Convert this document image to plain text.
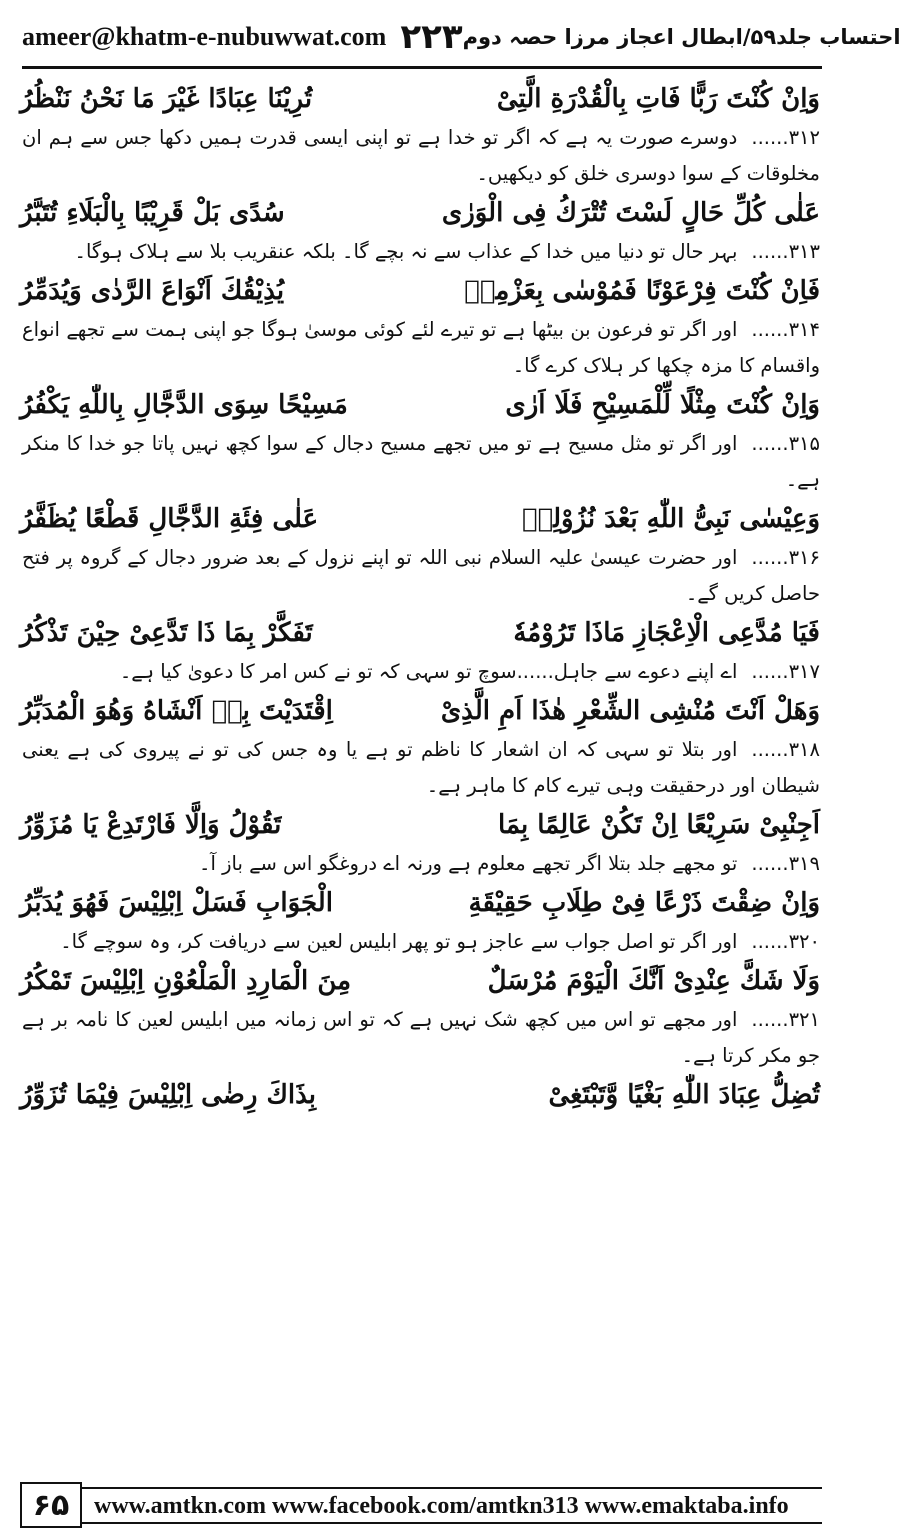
ameer@khatm-e-nubuwwat.com ۲۲۳ احتساب جلد۵۹/ابطال اعجاز مرزا حصہ دوم
وَاِنْ كُنْتَ رَبًّا فَاتِ بِالْقُدْرَةِ الَّتِىْ
تُرِيْنَا عِبَادًا غَيْرَ مَا نَحْنُ نَنْظُرُ
۳۱۲......دوسرے صورت یہ ہے کہ اگر تو خدا ہے تو اپنی ایسی قدرت ہمیں دکھا جس سے ہم ان مخلوقات کے سوا دوسری خلق کو دیکھیں۔
عَلٰى كُلِّ حَالٍ لَسْتَ تُتْرَكُ فِى الْوَرٰى
سُدًى بَلْ قَرِيْبًا بِالْبَلَاءِ تُتَبَّرُ
۳۱۳......بہر حال تو دنیا میں خدا کے عذاب سے نہ بچے گا۔ بلکہ عنقریب بلا سے ہلاک ہوگا۔
فَاِنْ كُنْتَ فِرْعَوْنًا فَمُوْسٰى بِعَزْمِهٖ
يُذِيْقُكَ اَنْوَاعَ الرَّدٰى وَيُدَمِّرُ
۳۱۴......اور اگر تو فرعون بن بیٹھا ہے تو تیرے لئے کوئی موسیٰ ہوگا جو اپنی ہمت سے تجھے انواع واقسام کا مزہ چکھا کر ہلاک کرے گا۔
وَاِنْ كُنْتَ مِثْلًا لِّلْمَسِيْحِ فَلَا اَرٰى
مَسِيْحًا سِوَى الدَّجَّالِ بِاللّٰهِ يَكْفُرُ
۳۱۵......اور اگر تو مثل مسیح ہے تو میں تجھے مسیح دجال کے سوا کچھ نہیں پاتا جو خدا کا منکر ہے۔
وَعِيْسٰى نَبِىُّ اللّٰهِ بَعْدَ نُزُوْلِهٖ
عَلٰى فِئَةِ الدَّجَّالِ قَطْعًا يُظَفَّرُ
۳۱۶......اور حضرت عیسیٰ علیہ السلام نبی اللہ تو اپنے نزول کے بعد ضرور دجال کے گروہ پر فتح حاصل کریں گے۔
فَيَا مُدَّعِى الْاِعْجَازِ مَاذَا تَرُوْمُهٗ
تَفَكَّرْ بِمَا ذَا تَدَّعِىْ حِيْنَ تَذْكُرُ
۳۱۷......اے اپنے دعوے سے جاہل......سوچ تو سہی کہ تو نے کس امر کا دعویٰ کیا ہے۔
وَهَلْ اَنْتَ مُنْشِى الشِّعْرِ هٰذَا اَمِ الَّذِىْ
اِقْتَدَيْتَ بِهٖ اَنْشَاهُ وَهُوَ الْمُدَبِّرُ
۳۱۸......اور بتلا تو سہی کہ ان اشعار کا ناظم تو ہے یا وہ جس کی تو نے پیروی کی ہے یعنی شیطان اور درحقیقت وہی تیرے کام کا ماہر ہے۔
اَجِنْبِىْ سَرِيْعًا اِنْ تَكُنْ عَالِمًا بِمَا
تَقُوْلُ وَاِلَّا فَارْتَدِعْ يَا مُزَوِّرُ
۳۱۹......تو مجھے جلد بتلا اگر تجھے معلوم ہے ورنہ اے دروغگو اس سے باز آ۔
وَاِنْ ضِقْتَ ذَرْعًا فِىْ طِلَابِ حَقِيْقَةِ
الْجَوَابِ فَسَلْ اِبْلِيْسَ فَهُوَ يُدَبِّرُ
۳۲۰......اور اگر تو اصل جواب سے عاجز ہو تو پھر ابلیس لعین سے دریافت کر، وہ سوچے گا۔
وَلَا شَكَّ عِنْدِىْ اَنَّكَ الْيَوْمَ مُرْسَلٌ
مِنَ الْمَارِدِ الْمَلْعُوْنِ اِبْلِيْسَ تَمْكُرُ
۳۲۱......اور مجھے تو اس میں کچھ شک نہیں ہے کہ تو اس زمانہ میں ابلیس لعین کا نامہ بر ہے جو مکر کرتا ہے۔
تُضِلُّ عِبَادَ اللّٰهِ بَغْيًا وَّتَبْتَغِىْ
بِذَاكَ رِضٰى اِبْلِيْسَ فِيْمَا تُزَوِّرُ
۶۵	www.amtkn.com www.facebook.com/amtkn313 www.emaktaba.info
